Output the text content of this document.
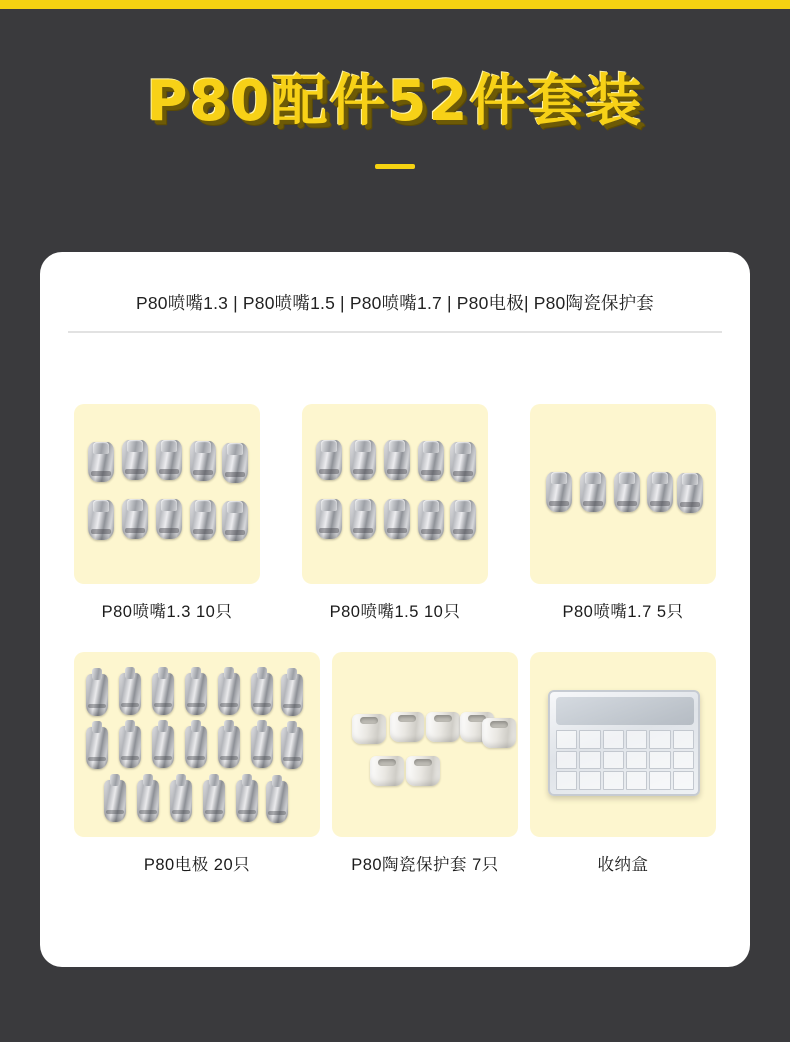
P80配件52件套装
P80喷嘴1.3 | P80喷嘴1.5 | P80喷嘴1.7 | P80电极| P80陶瓷保护套
P80喷嘴1.3 10只	P80喷嘴1.5 10只	P80喷嘴1.7 5只
P80电极 20只	P80陶瓷保护套 7只	收纳盒
